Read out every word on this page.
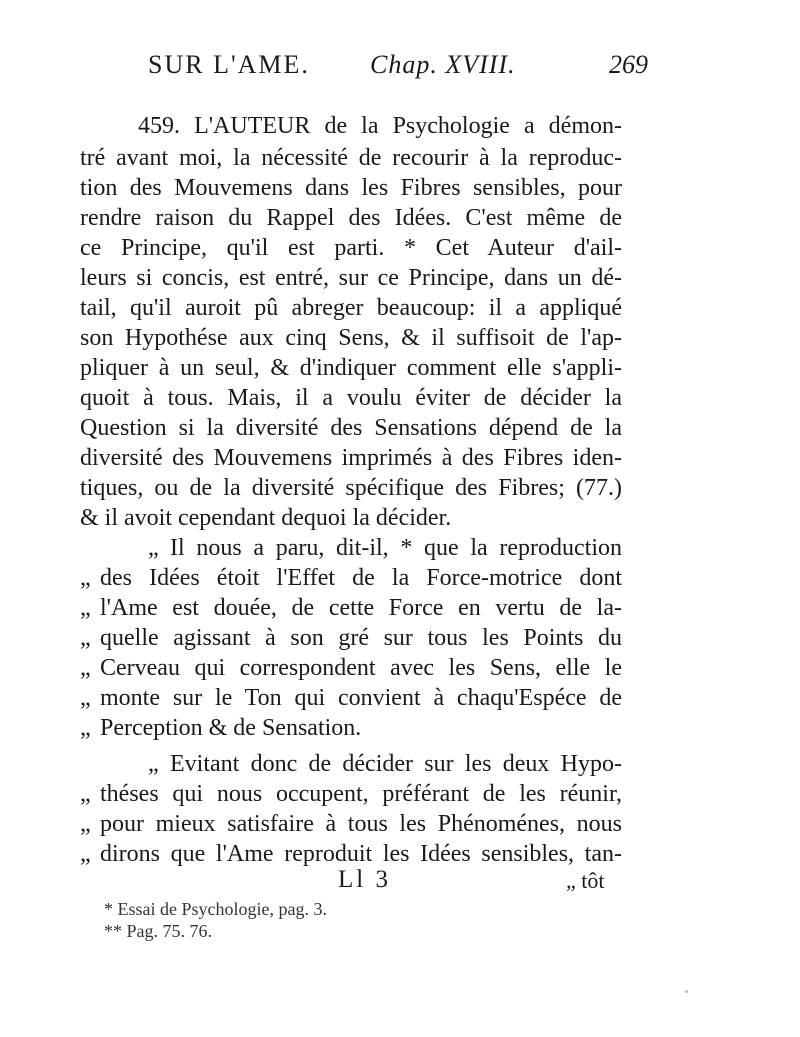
SUR L'AME. Chap. XVIII.	269
459. L'AUTEUR de la Psychologie a démon-
tré avant moi, la nécessité de recourir à la reproduc-
tion des Mouvemens dans les Fibres sensibles, pour
rendre raison du Rappel des Idées. C'est même de
ce Principe, qu'il est parti. * Cet Auteur d'ail-
leurs si concis, est entré, sur ce Principe, dans un dé-
tail, qu'il auroit pû abreger beaucoup: il a appliqué
son Hypothése aux cinq Sens, & il suffisoit de l'ap-
pliquer à un seul, & d'indiquer comment elle s'appli-
quoit à tous. Mais, il a voulu éviter de décider la
Question si la diversité des Sensations dépend de la
diversité des Mouvemens imprimés à des Fibres iden-
tiques, ou de la diversité spécifique des Fibres; (77.)
& il avoit cependant dequoi la décider.
„ Il nous a paru, dit-il, * que la reproduction
„ des Idées étoit l'Effet de la Force-motrice dont
„ l'Ame est douée, de cette Force en vertu de la-
„ quelle agissant à son gré sur tous les Points du
„ Cerveau qui correspondent avec les Sens, elle le
„ monte sur le Ton qui convient à chaqu'Espéce de
„ Perception & de Sensation.
„ Evitant donc de décider sur les deux Hypo-
„ théses qui nous occupent, préférant de les réunir,
„ pour mieux satisfaire à tous les Phénoménes, nous
„ dirons que l'Ame reproduit les Idées sensibles, tan-
Ll 3	„ tôt
* Essai de Psychologie, pag. 3.
** Pag. 75. 76.
